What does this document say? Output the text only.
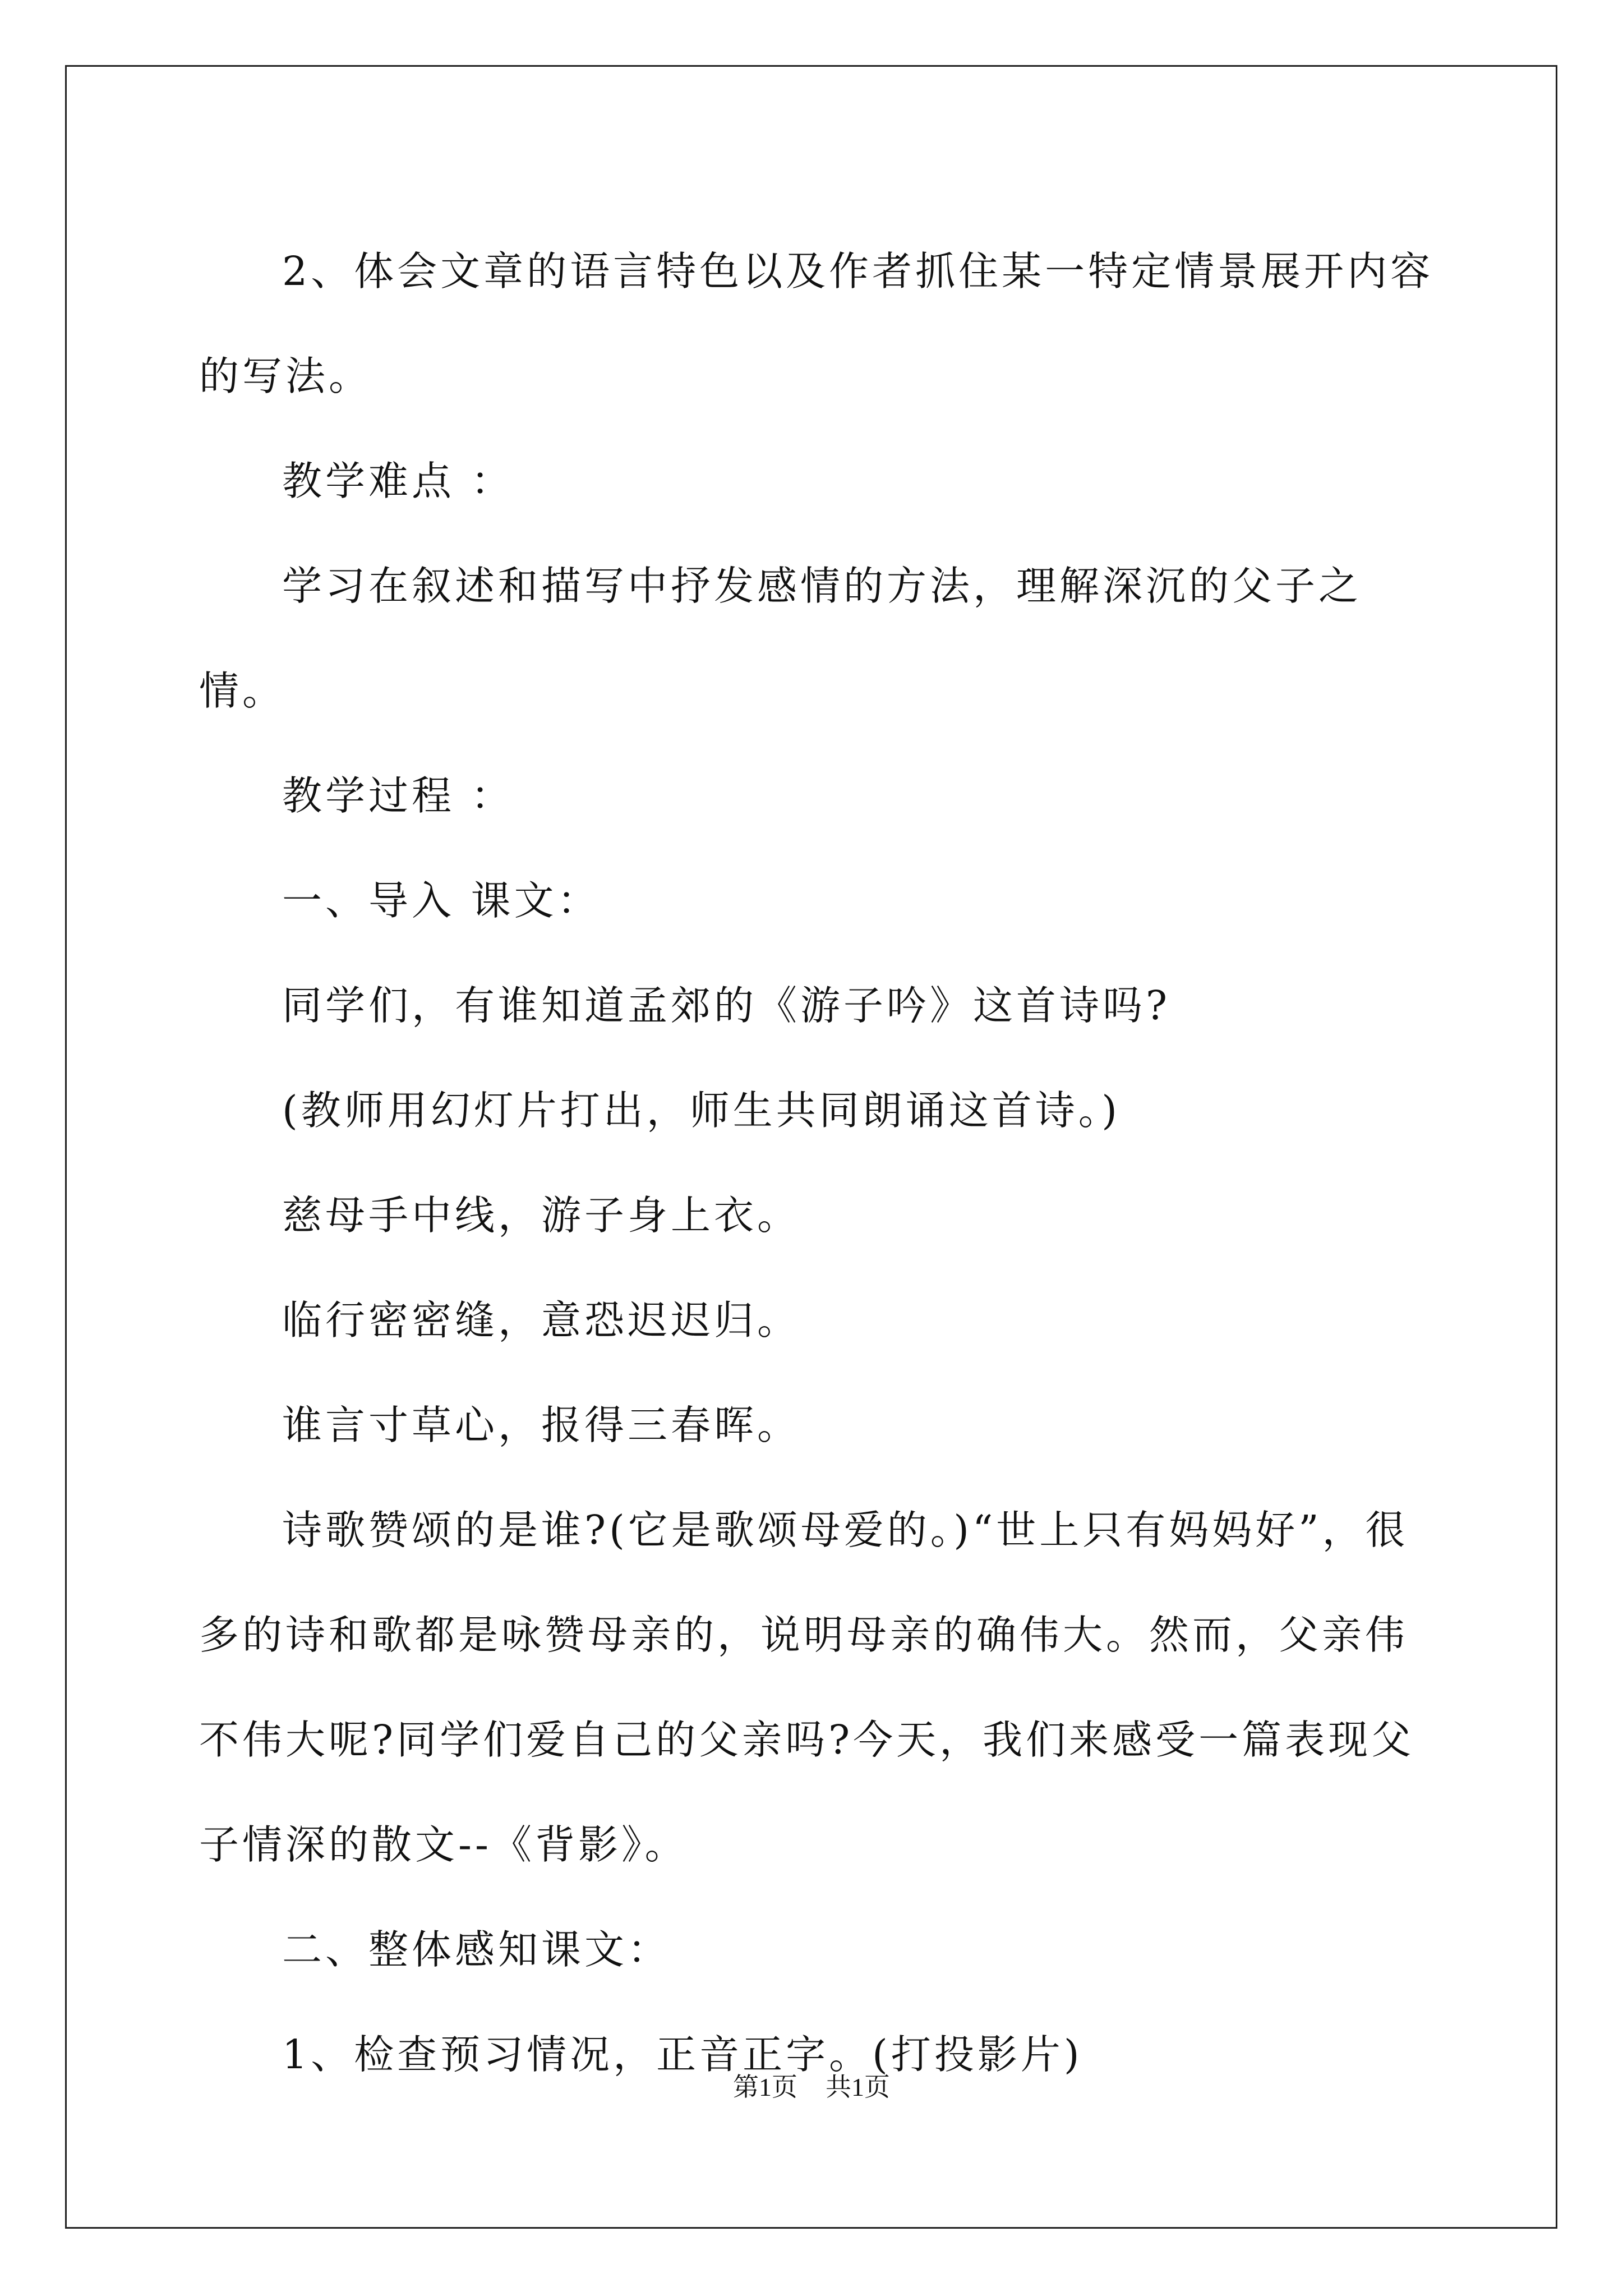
2、体会文章的语言特色以及作者抓住某一特定情景展开内容的写法。

教学难点 ：

学习在叙述和描写中抒发感情的方法，理解深沉的父子之情。

教学过程 ：

一、导入 课文：

同学们，有谁知道孟郊的《游子吟》这首诗吗?

(教师用幻灯片打出，师生共同朗诵这首诗。)

慈母手中线，游子身上衣。

临行密密缝，意恐迟迟归。

谁言寸草心，报得三春晖。

诗歌赞颂的是谁?(它是歌颂母爱的。)“世上只有妈妈好”，很多的诗和歌都是咏赞母亲的，说明母亲的确伟大。然而，父亲伟不伟大呢?同学们爱自己的父亲吗?今天，我们来感受一篇表现父子情深的散文--《背影》。

二、整体感知课文：

1、检查预习情况，正音正字。(打投影片)

第1页 共1页
